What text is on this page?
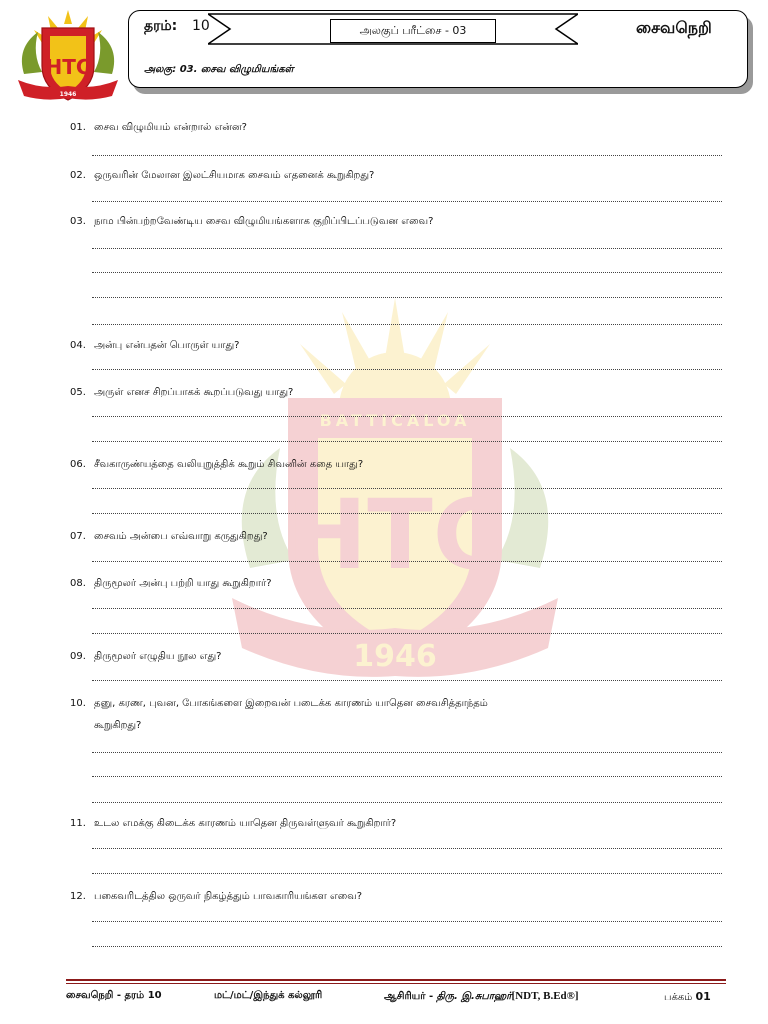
HTC
1946
BATTICALOA
HTC
1946
தரம்: 10	அலகுப் பரீட்சை - 03	சைவநெறி
அலகு: 03. சைவ விழுமியங்கள்
01. சைவ விழுமியம் என்றால் என்ன?
02. ஒருவரின் மேலான இலட்சியமாக சைவம் எதனைக் கூறுகிறது?
03. நாம பின்பற்றவேண்டிய சைவ விழுமியங்களாக குறிப்பிடப்படுவன எவை?
04. அன்பு என்பதன் பொருள் யாது?
05. அருள் எனச சிறப்பாகக் கூறப்படுவது யாது?
06. சீவகாருண்யத்தை வலியுறுத்திக் கூறும் சிவனின் கதை யாது?
07. சைவம் அன்பை எவ்வாறு கருதுகிறது?
08. திருமூலர் அன்பு பற்றி யாது கூறுகிறார்?
09. திருமூலர் எழுதிய நூல எது?
10. தனு, கரண, புவன, போகங்களை இறைவன் படைக்க காரணம் யாதென சைவசித்தாந்தம்
கூறுகிறது?
11. உடல எமக்கு கிடைக்க காரணம் யாதென திருவள்ளுவர் கூறுகிறார்?
12. பகைவரிடத்தில ஒருவர் நிகழ்த்தும் பாவகாரியங்கள எவை?
சைவநெறி - தரம் 10	மட்/மட்/இந்துக் கல்லூரி	ஆசிரியர் - திரு. இ.சுபாஹர்[NDT, B.Ed®]	பக்கம் 01
